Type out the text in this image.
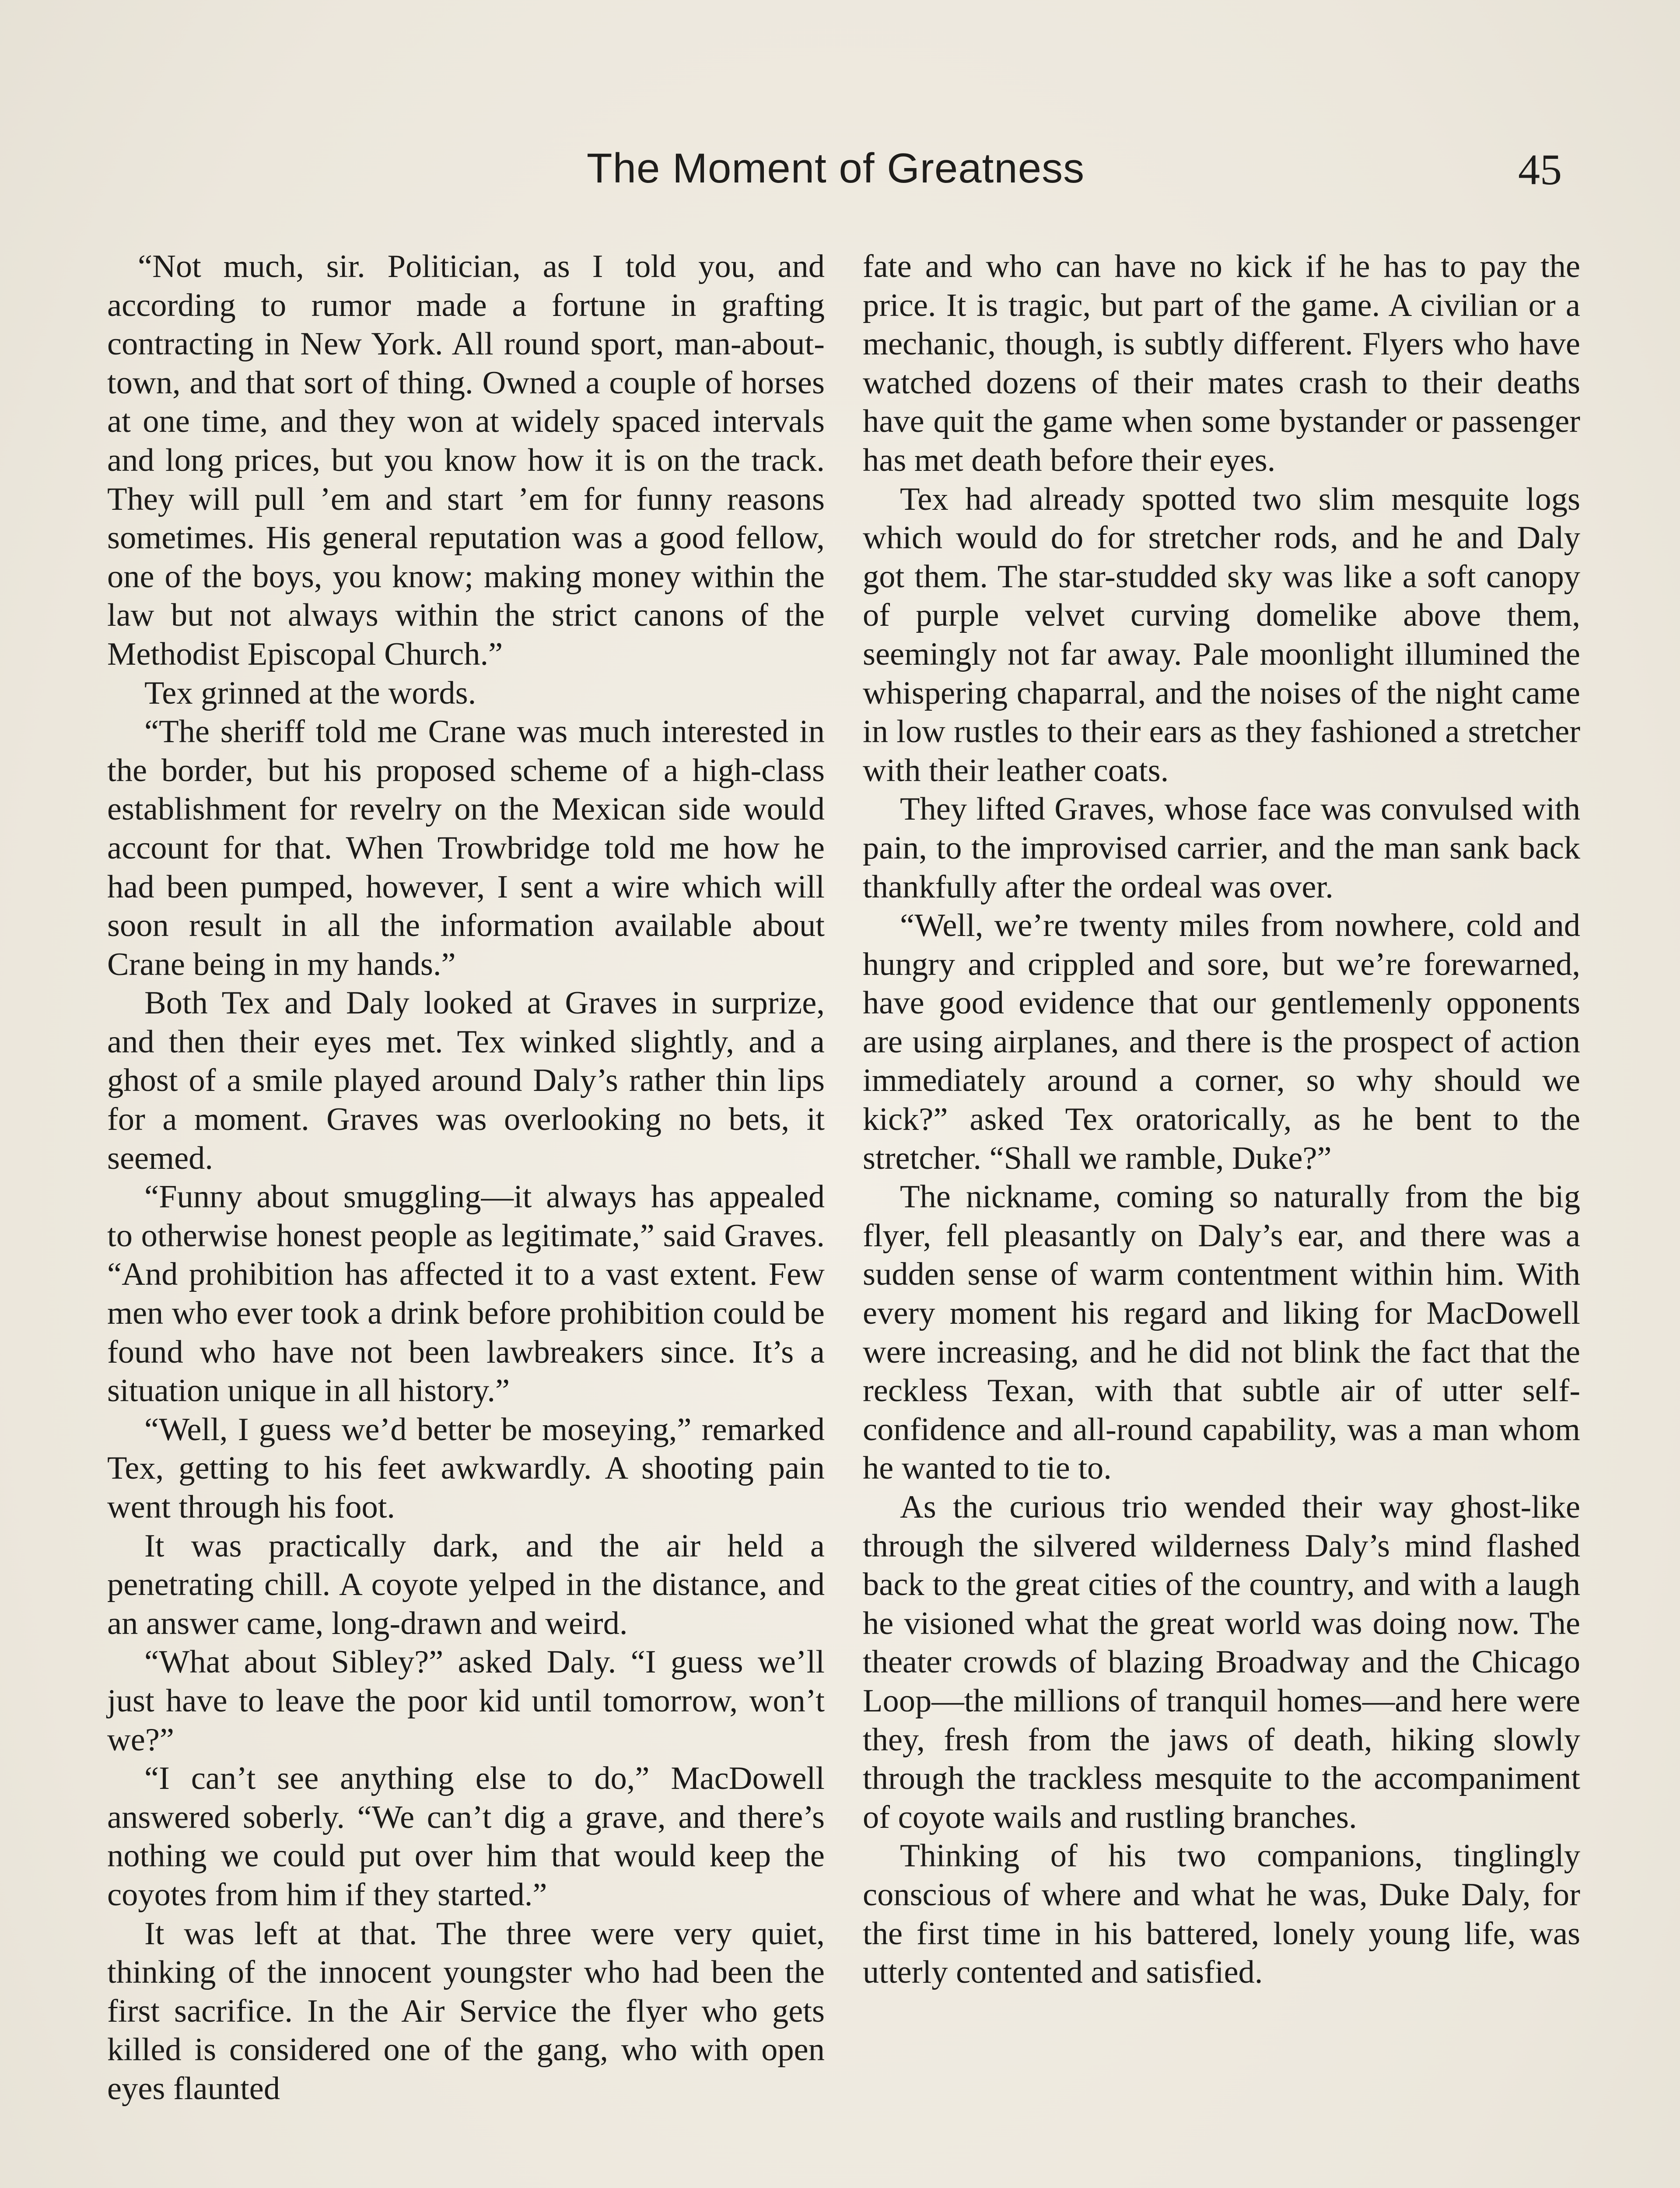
The Moment of Greatness	45

“Not much, sir. Politician, as I told you, and according to rumor made a fortune in grafting contracting in New York. All round sport, man-about-town, and that sort of thing. Owned a couple of horses at one time, and they won at widely spaced intervals and long prices, but you know how it is on the track. They will pull ’em and start ’em for funny reasons sometimes. His general reputation was a good fellow, one of the boys, you know; making money within the law but not always within the strict canons of the Methodist Episcopal Church.”

Tex grinned at the words.

“The sheriff told me Crane was much interested in the border, but his proposed scheme of a high-class establishment for revelry on the Mexican side would account for that. When Trowbridge told me how he had been pumped, however, I sent a wire which will soon result in all the information available about Crane being in my hands.”

Both Tex and Daly looked at Graves in surprize, and then their eyes met. Tex winked slightly, and a ghost of a smile played around Daly’s rather thin lips for a moment. Graves was overlooking no bets, it seemed.

“Funny about smuggling—it always has appealed to otherwise honest people as legitimate,” said Graves. “And prohibition has affected it to a vast extent. Few men who ever took a drink before prohibition could be found who have not been lawbreakers since. It’s a situation unique in all history.”

“Well, I guess we’d better be moseying,” remarked Tex, getting to his feet awkwardly. A shooting pain went through his foot.

It was practically dark, and the air held a penetrating chill. A coyote yelped in the distance, and an answer came, long-drawn and weird.

“What about Sibley?” asked Daly. “I guess we’ll just have to leave the poor kid until tomorrow, won’t we?”

“I can’t see anything else to do,” MacDowell answered soberly. “We can’t dig a grave, and there’s nothing we could put over him that would keep the coyotes from him if they started.”

It was left at that. The three were very quiet, thinking of the innocent youngster who had been the first sacrifice. In the Air Service the flyer who gets killed is considered one of the gang, who with open eyes flaunted

fate and who can have no kick if he has to pay the price. It is tragic, but part of the game. A civilian or a mechanic, though, is subtly different. Flyers who have watched dozens of their mates crash to their deaths have quit the game when some bystander or passenger has met death before their eyes.

Tex had already spotted two slim mesquite logs which would do for stretcher rods, and he and Daly got them. The star-studded sky was like a soft canopy of purple velvet curving domelike above them, seemingly not far away. Pale moonlight illumined the whispering chaparral, and the noises of the night came in low rustles to their ears as they fashioned a stretcher with their leather coats.

They lifted Graves, whose face was convulsed with pain, to the improvised carrier, and the man sank back thankfully after the ordeal was over.

“Well, we’re twenty miles from nowhere, cold and hungry and crippled and sore, but we’re forewarned, have good evidence that our gentlemenly opponents are using airplanes, and there is the prospect of action immediately around a corner, so why should we kick?” asked Tex oratorically, as he bent to the stretcher. “Shall we ramble, Duke?”

The nickname, coming so naturally from the big flyer, fell pleasantly on Daly’s ear, and there was a sudden sense of warm contentment within him. With every moment his regard and liking for MacDowell were increasing, and he did not blink the fact that the reckless Texan, with that subtle air of utter self-confidence and all-round capability, was a man whom he wanted to tie to.

As the curious trio wended their way ghost-like through the silvered wilderness Daly’s mind flashed back to the great cities of the country, and with a laugh he visioned what the great world was doing now. The theater crowds of blazing Broadway and the Chicago Loop—the millions of tranquil homes—and here were they, fresh from the jaws of death, hiking slowly through the trackless mesquite to the accompaniment of coyote wails and rustling branches.

Thinking of his two companions, tinglingly conscious of where and what he was, Duke Daly, for the first time in his battered, lonely young life, was utterly contented and satisfied.
